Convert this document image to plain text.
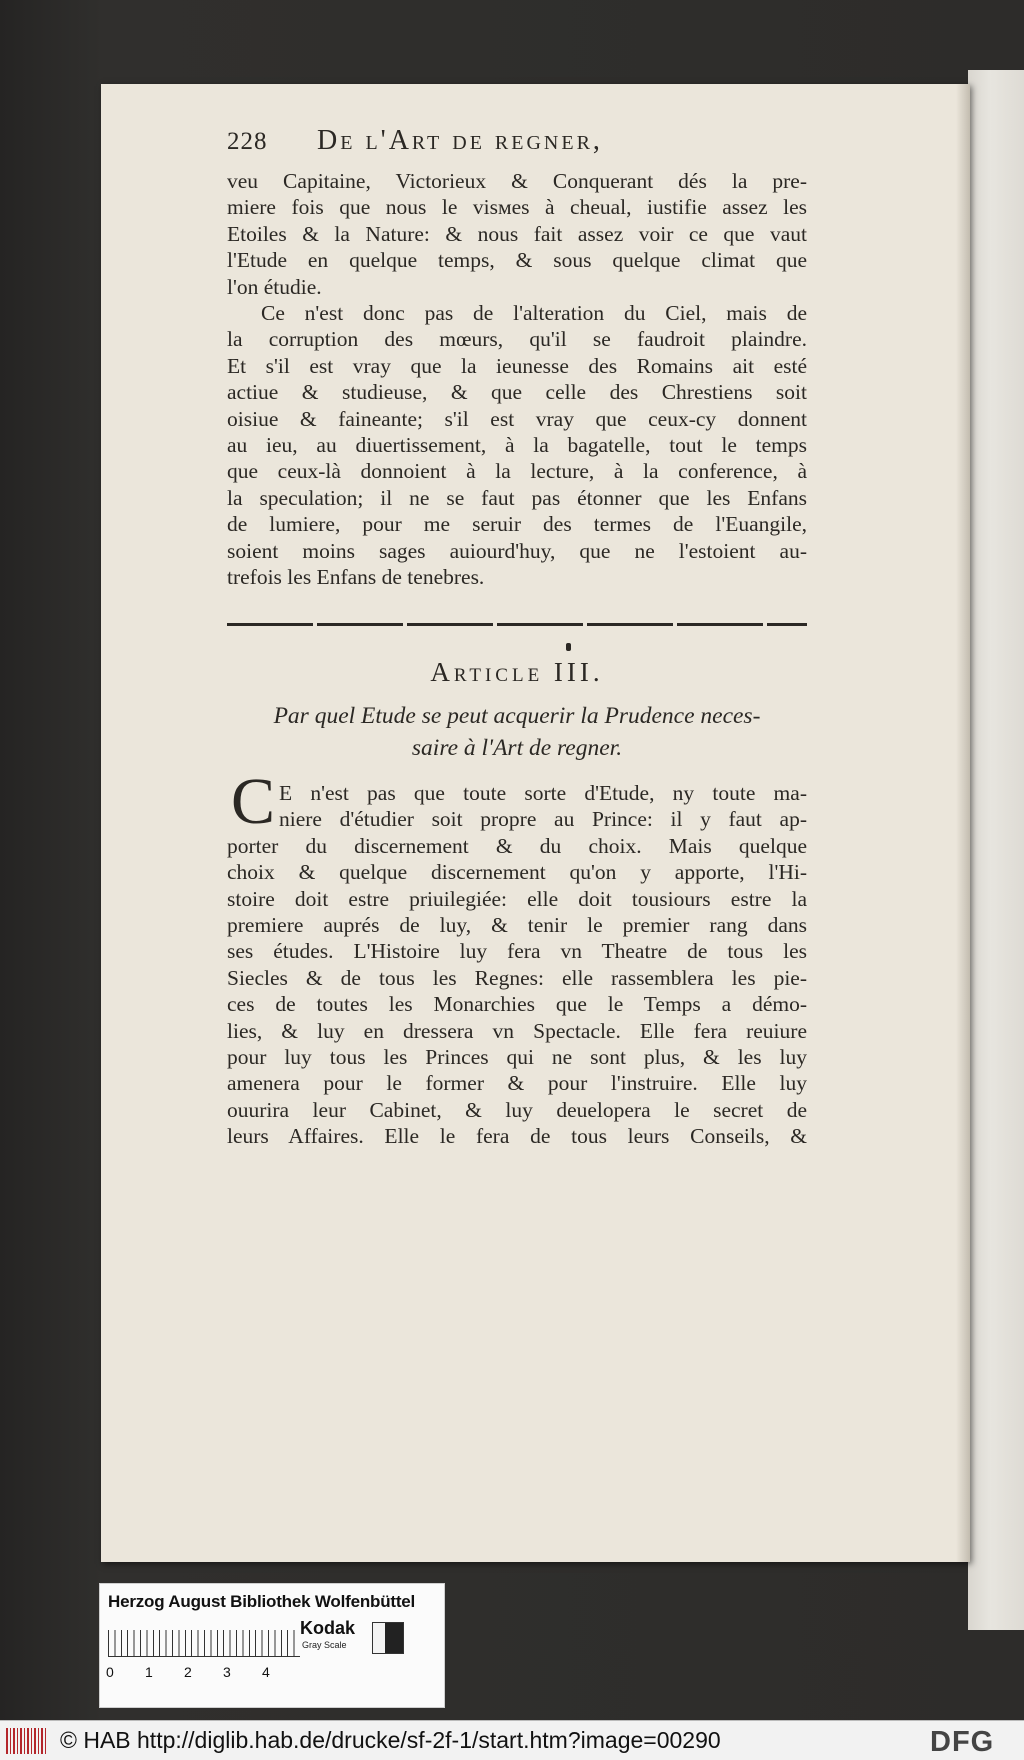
228 De l'Art de regner,
veu Capitaine, Victorieux & Conquerant dés la pre-
miere fois que nous le visмes à cheual, iustifie assez les
Etoiles & la Nature: & nous fait assez voir ce que vaut
l'Etude en quelque temps, & sous quelque climat que
l'on étudie.
Ce n'est donc pas de l'alteration du Ciel, mais de
la corruption des mœurs, qu'il se faudroit plaindre.
Et s'il est vray que la ieunesse des Romains ait esté
actiue & studieuse, & que celle des Chrestiens soit
oisiue & faineante; s'il est vray que ceux-cy donnent
au ieu, au diuertissement, à la bagatelle, tout le temps
que ceux-là donnoient à la lecture, à la conference, à
la speculation; il ne se faut pas étonner que les Enfans
de lumiere, pour me seruir des termes de l'Euangile,
soient moins sages auiourd'huy, que ne l'estoient au-
trefois les Enfans de tenebres.
Article III.
Par quel Etude se peut acquerir la Prudence neces-
saire à l'Art de regner.
C E n'est pas que toute sorte d'Etude, ny toute ma-
niere d'étudier soit propre au Prince: il y faut ap-
porter du discernement & du choix. Mais quelque
choix & quelque discernement qu'on y apporte, l'Hi-
stoire doit estre priuilegiée: elle doit tousiours estre la
premiere auprés de luy, & tenir le premier rang dans
ses études. L'Histoire luy fera vn Theatre de tous les
Siecles & de tous les Regnes: elle rassemblera les pie-
ces de toutes les Monarchies que le Temps a démo-
lies, & luy en dressera vn Spectacle. Elle fera reuiure
pour luy tous les Princes qui ne sont plus, & les luy
amenera pour le former & pour l'instruire. Elle luy
ouurira leur Cabinet, & luy deuelopera le secret de
leurs Affaires. Elle le fera de tous leurs Conseils, &
Herzog August Bibliothek Wolfenbüttel
0 1 2 3 4
Kodak
Gray Scale
© HAB http://diglib.hab.de/drucke/sf-2f-1/start.htm?image=00290	DFG
